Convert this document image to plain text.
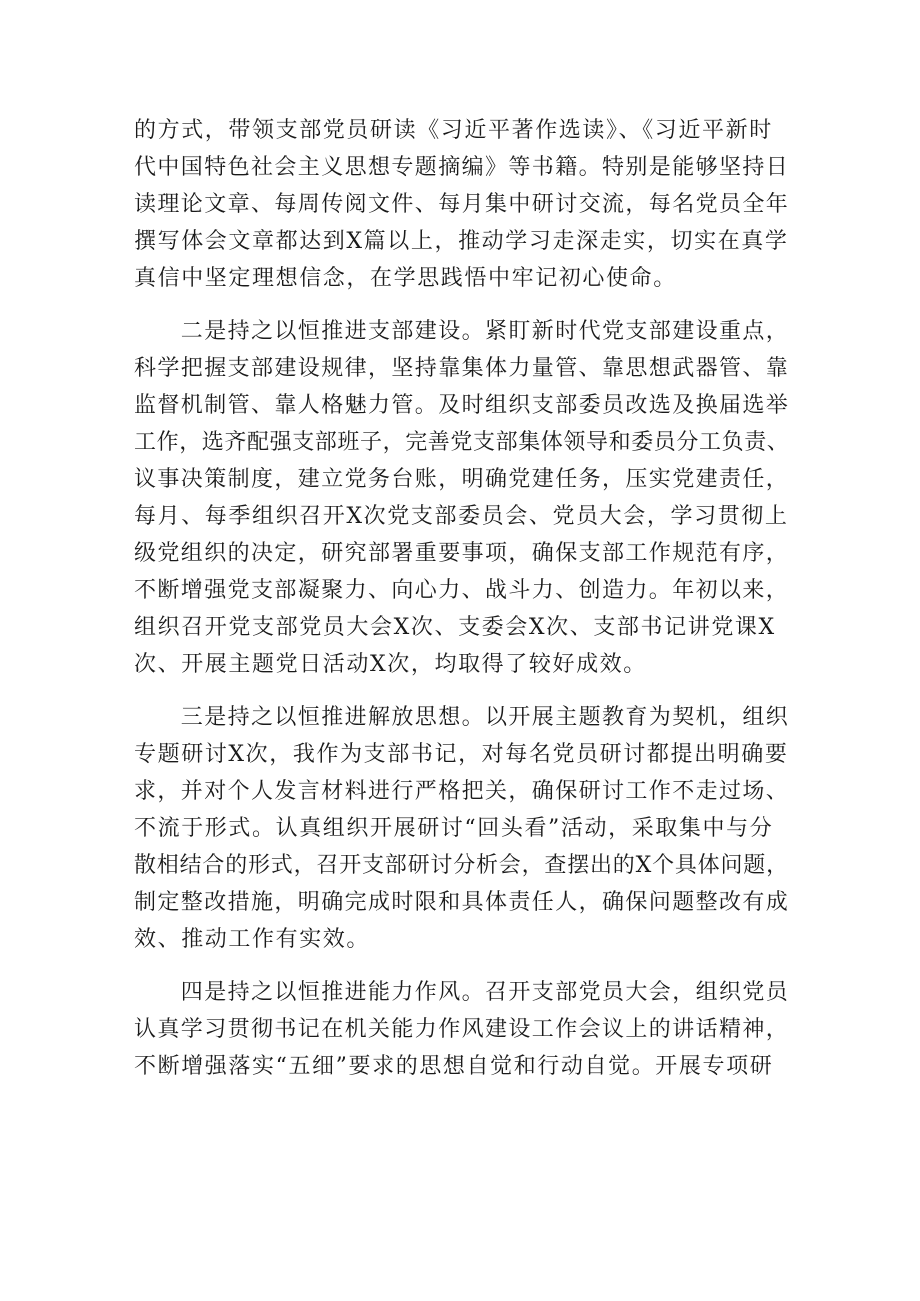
的方式，带领支部党员研读《习近平著作选读》、《习近平新时
代中国特色社会主义思想专题摘编》等书籍。特别是能够坚持日
读理论文章、每周传阅文件、每月集中研讨交流，每名党员全年
撰写体会文章都达到X篇以上，推动学习走深走实，切实在真学
真信中坚定理想信念，在学思践悟中牢记初心使命。
　　二是持之以恒推进支部建设。紧盯新时代党支部建设重点，
科学把握支部建设规律，坚持靠集体力量管、靠思想武器管、靠
监督机制管、靠人格魅力管。及时组织支部委员改选及换届选举
工作，选齐配强支部班子，完善党支部集体领导和委员分工负责、
议事决策制度，建立党务台账，明确党建任务，压实党建责任，
每月、每季组织召开X次党支部委员会、党员大会，学习贯彻上
级党组织的决定，研究部署重要事项，确保支部工作规范有序，
不断增强党支部凝聚力、向心力、战斗力、创造力。年初以来，
组织召开党支部党员大会X次、支委会X次、支部书记讲党课X
次、开展主题党日活动X次，均取得了较好成效。
　　三是持之以恒推进解放思想。以开展主题教育为契机，组织
专题研讨X次，我作为支部书记，对每名党员研讨都提出明确要
求，并对个人发言材料进行严格把关，确保研讨工作不走过场、
不流于形式。认真组织开展研讨“回头看”活动，采取集中与分
散相结合的形式，召开支部研讨分析会，查摆出的X个具体问题，
制定整改措施，明确完成时限和具体责任人，确保问题整改有成
效、推动工作有实效。
　　四是持之以恒推进能力作风。召开支部党员大会，组织党员
认真学习贯彻书记在机关能力作风建设工作会议上的讲话精神，
不断增强落实“五细”要求的思想自觉和行动自觉。开展专项研
